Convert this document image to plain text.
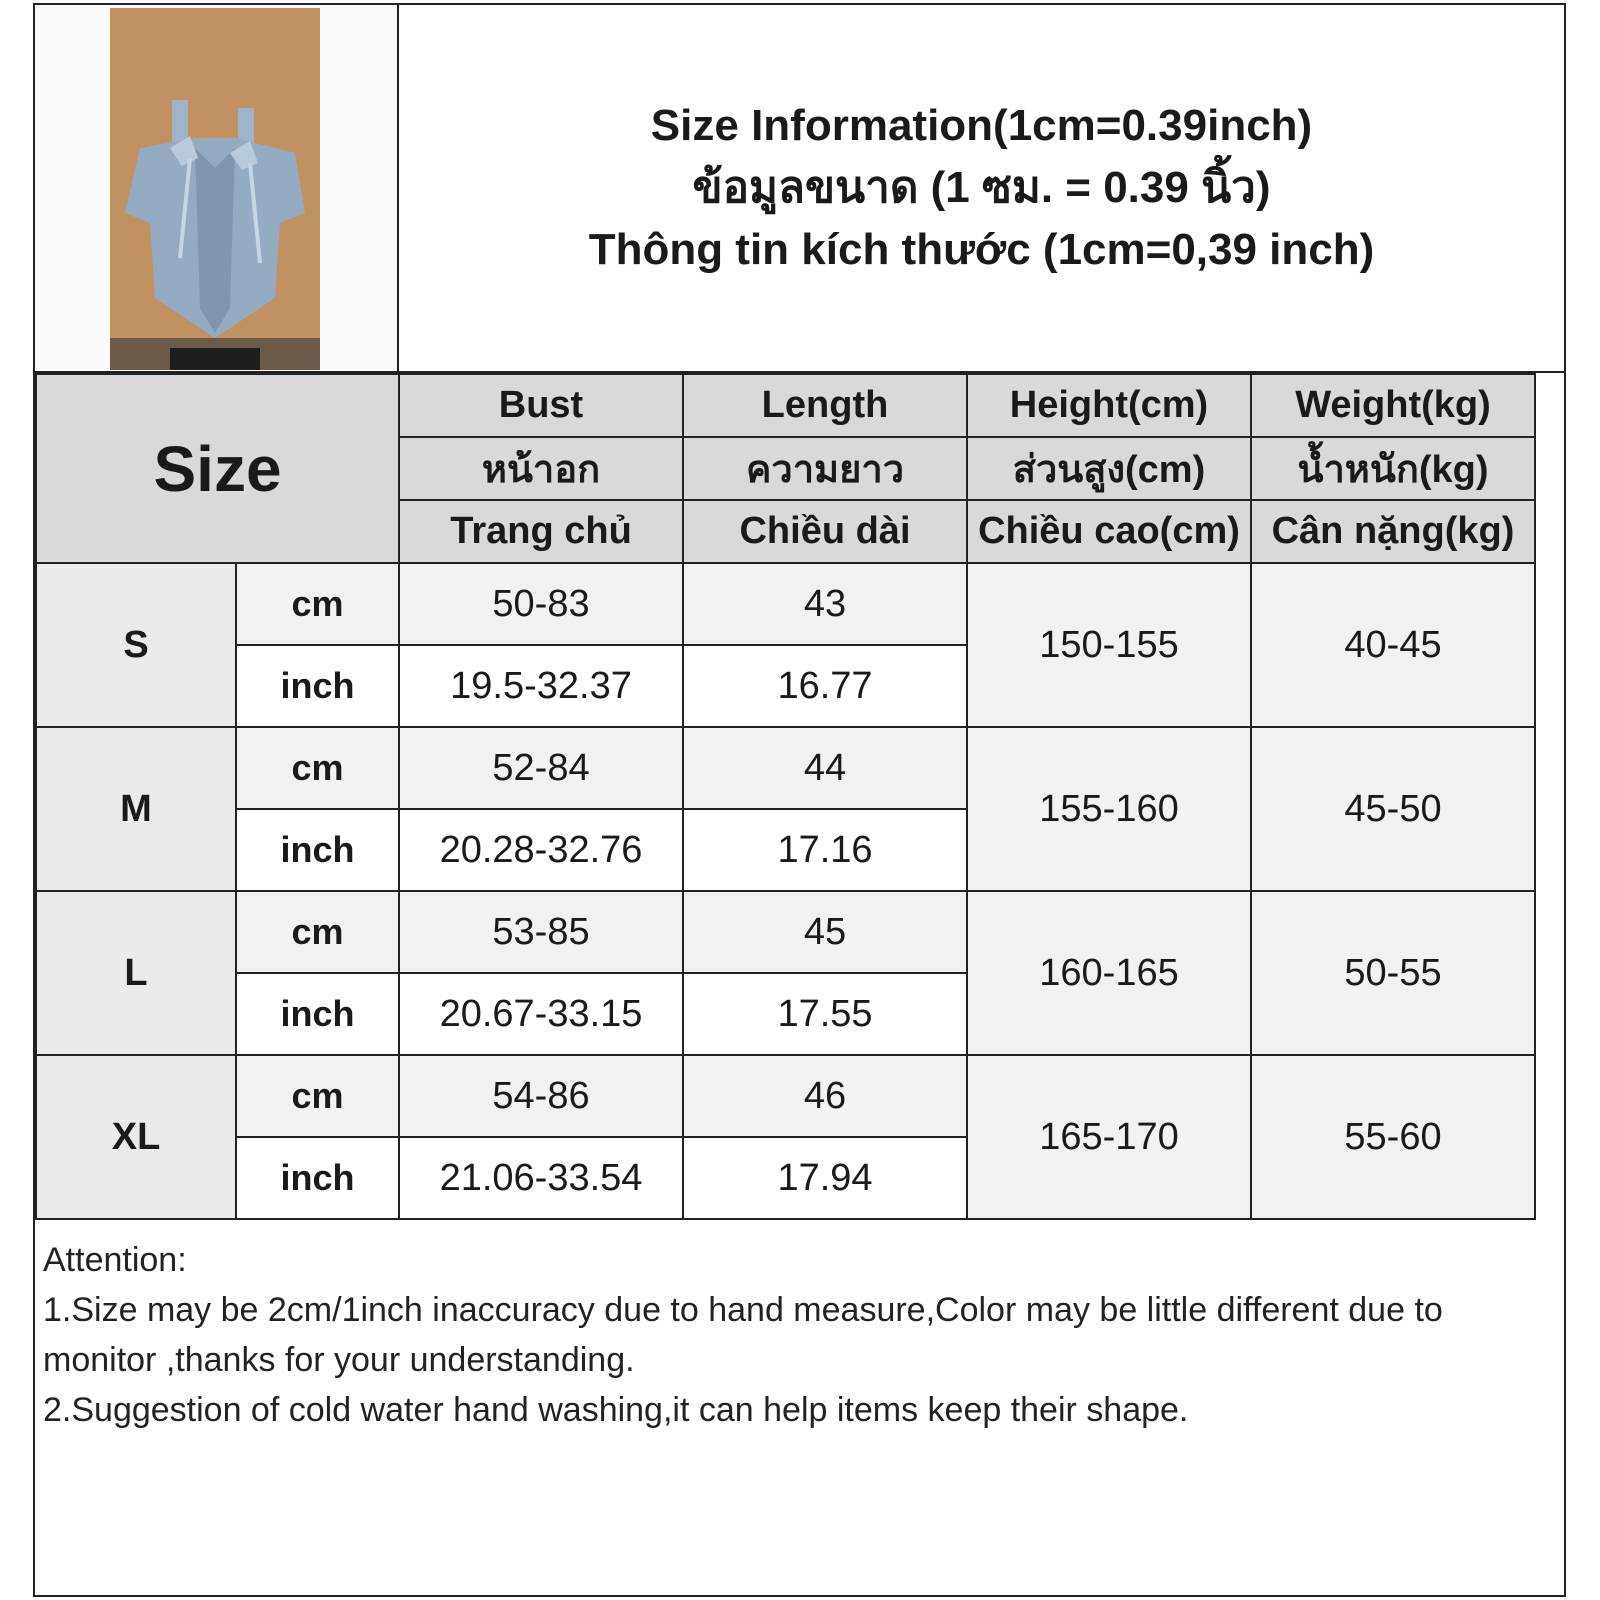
Size Information(1cm=0.39inch)
ข้อมูลขนาด (1 ซม. = 0.39 นิ้ว)
Thông tin kích thước (1cm=0,39 inch)
Size		Bust	Length	Height(cm)	Weight(kg)
		หน้าอก	ความยาว	ส่วนสูง(cm)	น้ำหนัก(kg)
		Trang chủ	Chiều dài	Chiều cao(cm)	Cân nặng(kg)
S	cm	50-83	43	150-155	40-45
	inch	19.5-32.37	16.77		
M	cm	52-84	44	155-160	45-50
	inch	20.28-32.76	17.16		
L	cm	53-85	45	160-165	50-55
	inch	20.67-33.15	17.55		
XL	cm	54-86	46	165-170	55-60
	inch	21.06-33.54	17.94		

Attention:

1.Size may be 2cm/1inch inaccuracy due to hand measure,Color may be little different due to monitor ,thanks for your understanding.

2.Suggestion of cold water hand washing,it can help items keep their shape.
